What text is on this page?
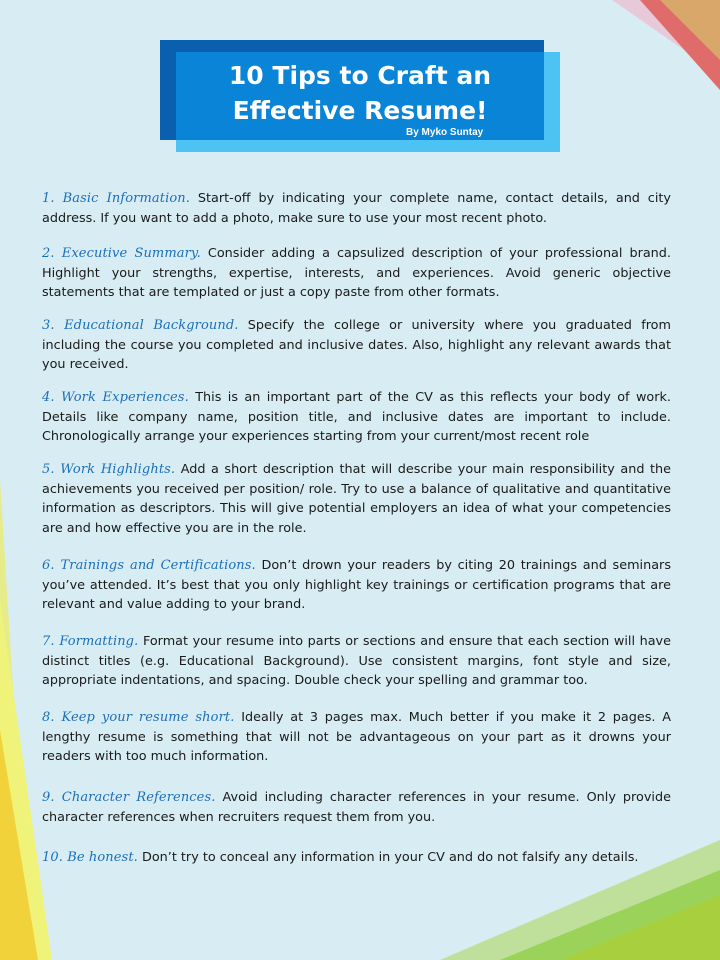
10 Tips to Craft an
Effective Resume!
By Myko Suntay

1. Basic Information. Start-off by indicating your complete name, contact details, and city address. If you want to add a photo, make sure to use your most recent photo.

2. Executive Summary. Consider adding a capsulized description of your professional brand. Highlight your strengths, expertise, interests, and experiences. Avoid generic objective statements that are templated or just a copy paste from other formats.

3. Educational Background. Specify the college or university where you graduated from including the course you completed and inclusive dates. Also, highlight any relevant awards that you received.

4. Work Experiences. This is an important part of the CV as this reflects your body of work. Details like company name, position title, and inclusive dates are important to include. Chronologically arrange your experiences starting from your current/most recent role

5. Work Highlights. Add a short description that will describe your main responsibility and the achievements you received per position/ role. Try to use a balance of qualitative and quantitative information as descriptors. This will give potential employers an idea of what your competencies are and how effective you are in the role.

6. Trainings and Certifications. Don’t drown your readers by citing 20 trainings and seminars you’ve attended. It’s best that you only highlight key trainings or certification programs that are relevant and value adding to your brand.

7. Formatting. Format your resume into parts or sections and ensure that each section will have distinct titles (e.g. Educational Background). Use consistent margins, font style and size, appropriate indentations, and spacing. Double check your spelling and grammar too.

8. Keep your resume short. Ideally at 3 pages max. Much better if you make it 2 pages. A lengthy resume is something that will not be advantageous on your part as it drowns your readers with too much information.

9. Character References. Avoid including character references in your resume. Only provide character references when recruiters request them from you.

10. Be honest. Don’t try to conceal any information in your CV and do not falsify any details.
